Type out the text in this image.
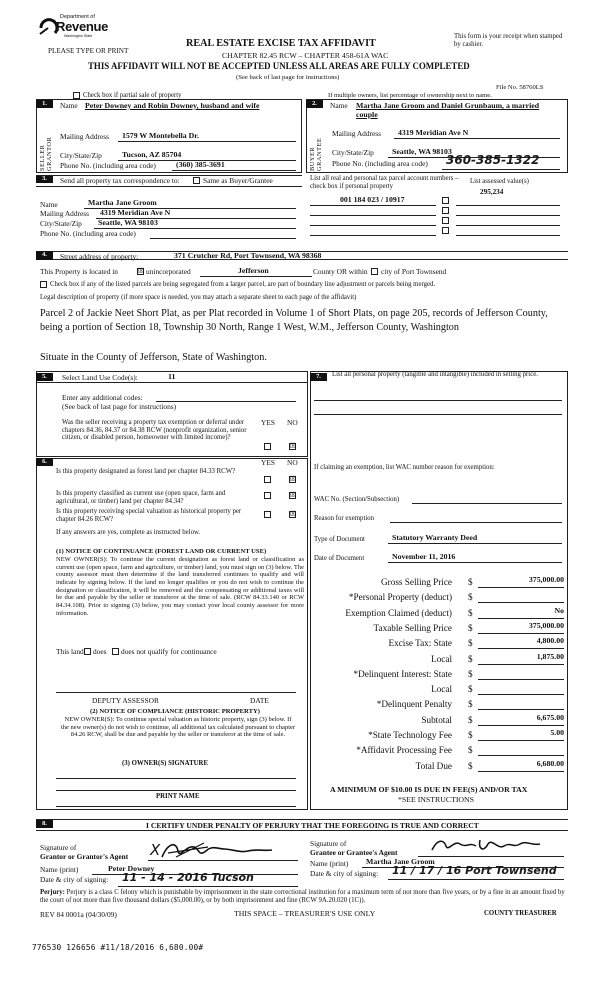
Department of
Revenue
Washington State
PLEASE TYPE OR PRINT
REAL ESTATE EXCISE TAX AFFIDAVIT
CHAPTER 82.45 RCW – CHAPTER 458-61A WAC
This form is your receipt when stamped by cashier.
THIS AFFIDAVIT WILL NOT BE ACCEPTED UNLESS ALL AREAS ARE FULLY COMPLETED
(See back of last page for instructions)
File No. 58760LS
Check box if partial sale of property	If multiple owners, list percentage of ownership next to name.
1.	2.
SELLER GRANTOR	BUYER GRANTEE
Name Peter Downey and Robin Downey, husband and wife
Mailing Address 1579 W Montebella Dr.
City/State/Zip	Tucson, AZ 85704
Phone No. (including area code)	(360) 385-3691
Name Martha Jane Groom and Daniel Grunbaum, a married couple
Mailing Address 4319 Meridian Ave N
City/State/Zip Seattle, WA 98103
Phone No. (including area code) 360-385-1322
3.	Send all property tax correspondence to:	Same as Buyer/Grantee	List all real and personal tax parcel account numbers – check box if personal property
List assessed value(s)
Name	Martha Jane Groom
Mailing Address 4319 Meridian Ave N
City/State/Zip Seattle, WA 98103
Phone No. (including area code)
001 184 023 / 10917
295,234
4.	Street address of property:	371 Crutcher Rd, Port Townsend, WA 98368
This Property is located in	☒ unincorporated	Jefferson	County OR within city of Port Townsend
Check box if any of the listed parcels are being segregated from a larger parcel, are part of boundary line adjustment or parcels being merged.
Legal description of property (if more space is needed, you may attach a separate sheet to each page of the affidavit)
Parcel 2 of Jackie Neet Short Plat, as per Plat recorded in Volume 1 of Short Plats, on page 205, records of Jefferson County, being a portion of Section 18, Township 30 North, Range 1 West, W.M., Jefferson County, Washington
Situate in the County of Jefferson, State of Washington.
5.	Select Land Use Code(s):	11
Enter any additional codes:
(See back of last page for instructions)
YES NO
Was the seller receiving a property tax exemption or deferral under chapters 84.36, 84.37 or 84.38 RCW (nonprofit organization, senior citizen, or disabled person, homeowner with limited income)?
☒
6.	YES NO
Is this property designated as forest land per chapter 84.33 RCW?
☒
Is this property classified as current use (open space, farm and agricultural, or timber) land per chapter 84.34?
☒
Is this property receiving special valuation as historical property per chapter 84.26 RCW?
☒
If any answers are yes, complete as instructed below.
(1) NOTICE OF CONTINUANCE (FOREST LAND OR CURRENT USE)
NEW OWNER(S): To continue the current designation as forest land or classification as current use (open space, farm and agriculture, or timber) land, you must sign on (3) below. The county assessor must then determine if the land transferred continues to qualify and will indicate by signing below. If the land no longer qualifies or you do not wish to continue the designation or classification, it will be removed and the compensating or additional taxes will be due and payable by the seller or transferor at the time of sale. (RCW 84.33.140 or RCW 84.34.108). Prior to signing (3) below, you may contact your local county assessor for more information.
This land does does not qualify for continuance
DEPUTY ASSESSOR	DATE
(2) NOTICE OF COMPLIANCE (HISTORIC PROPERTY)
NEW OWNER(S): To continue special valuation as historic property, sign (3) below. If the new owner(s) do not wish to continue, all additional tax calculated pursuant to chapter 84.26 RCW, shall be due and payable by the seller or transferor at the time of sale.
(3) OWNER(S) SIGNATURE
PRINT NAME
7.	List all personal property (tangible and intangible) included in selling price.
If claiming an exemption, list WAC number reason for exemption:
WAC No. (Section/Subsection)
Reason for exemption
Type of Document	Statutory Warranty Deed
Date of Document	November 11, 2016
Gross Selling Price $	375,000.00
*Personal Property (deduct) $
Exemption Claimed (deduct) $	No
Taxable Selling Price $	375,000.00
Excise Tax: State $	4,800.00
Local $	1,875.00
*Delinquent Interest: State $
Local $
*Delinquent Penalty $
Subtotal $	6,675.00
*State Technology Fee $	5.00
*Affidavit Processing Fee $
Total Due $	6,680.00
A MINIMUM OF $10.00 IS DUE IN FEE(S) AND/OR TAX
*SEE INSTRUCTIONS
8.	I CERTIFY UNDER PENALTY OF PERJURY THAT THE FOREGOING IS TRUE AND CORRECT
Signature of
Grantor or Grantor's Agent X
Name (print)	Peter Downey
Date & city of signing: 11 - 14 - 2016 Tucson
Signature of
Grantee or Grantee's Agent
Name (print) Martha Jane Groom
Date & city of signing: 11 / 17 / 16 Port Townsend
Perjury: Perjury is a class C felony which is punishable by imprisonment in the state correctional institution for a maximum term of not more than five years, or by a fine in an amount fixed by the court of not more than five thousand dollars ($5,000.00), or by both imprisonment and fine (RCW 9A.20.020 (1C)).
REV 84 0001a (04/30/09)	THIS SPACE – TREASURER'S USE ONLY	COUNTY TREASURER
776530 126656 #11/18/2016 6,680.00#
